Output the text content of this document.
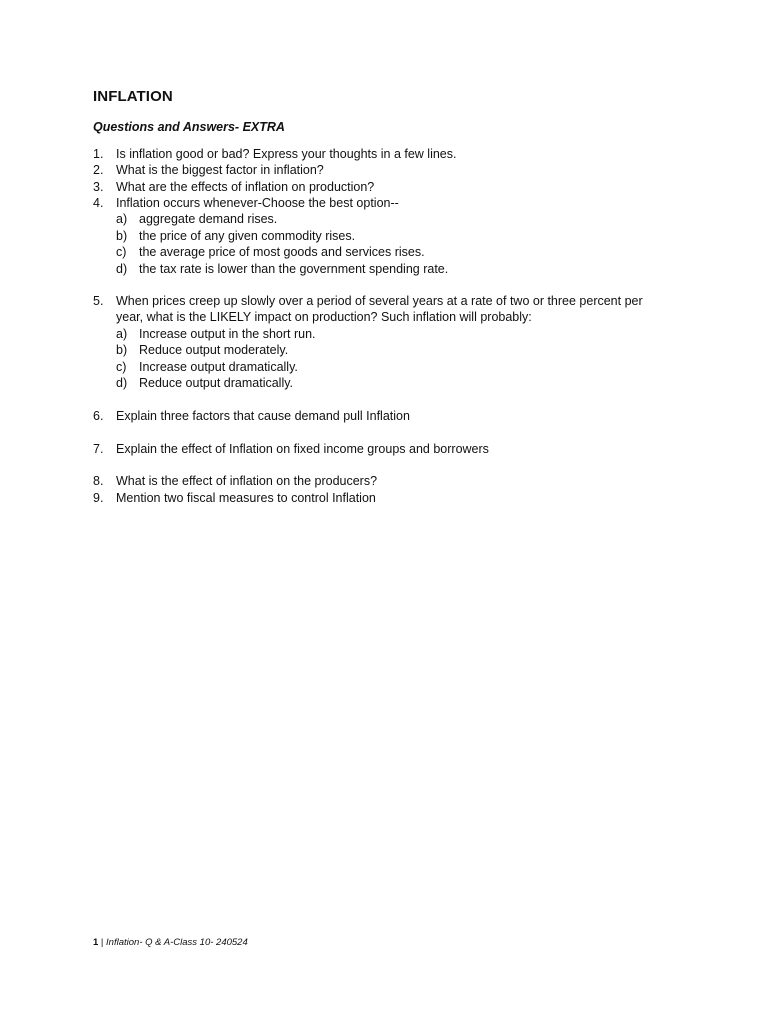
INFLATION
Questions and Answers- EXTRA
1. Is inflation good or bad? Express your thoughts in a few lines.
2. What is the biggest factor in inflation?
3. What are the effects of inflation on production?
4. Inflation occurs whenever-Choose the best option--
a) aggregate demand rises.
b) the price of any given commodity rises.
c) the average price of most goods and services rises.
d) the tax rate is lower than the government spending rate.
5. When prices creep up slowly over a period of several years at a rate of two or three percent per
year, what is the LIKELY impact on production? Such inflation will probably:
a) Increase output in the short run.
b) Reduce output moderately.
c) Increase output dramatically.
d) Reduce output dramatically.
6. Explain three factors that cause demand pull Inflation
7. Explain the effect of Inflation on fixed income groups and borrowers
8. What is the effect of inflation on the producers?
9. Mention two fiscal measures to control Inflation
1 | Inflation- Q & A-Class 10- 240524
